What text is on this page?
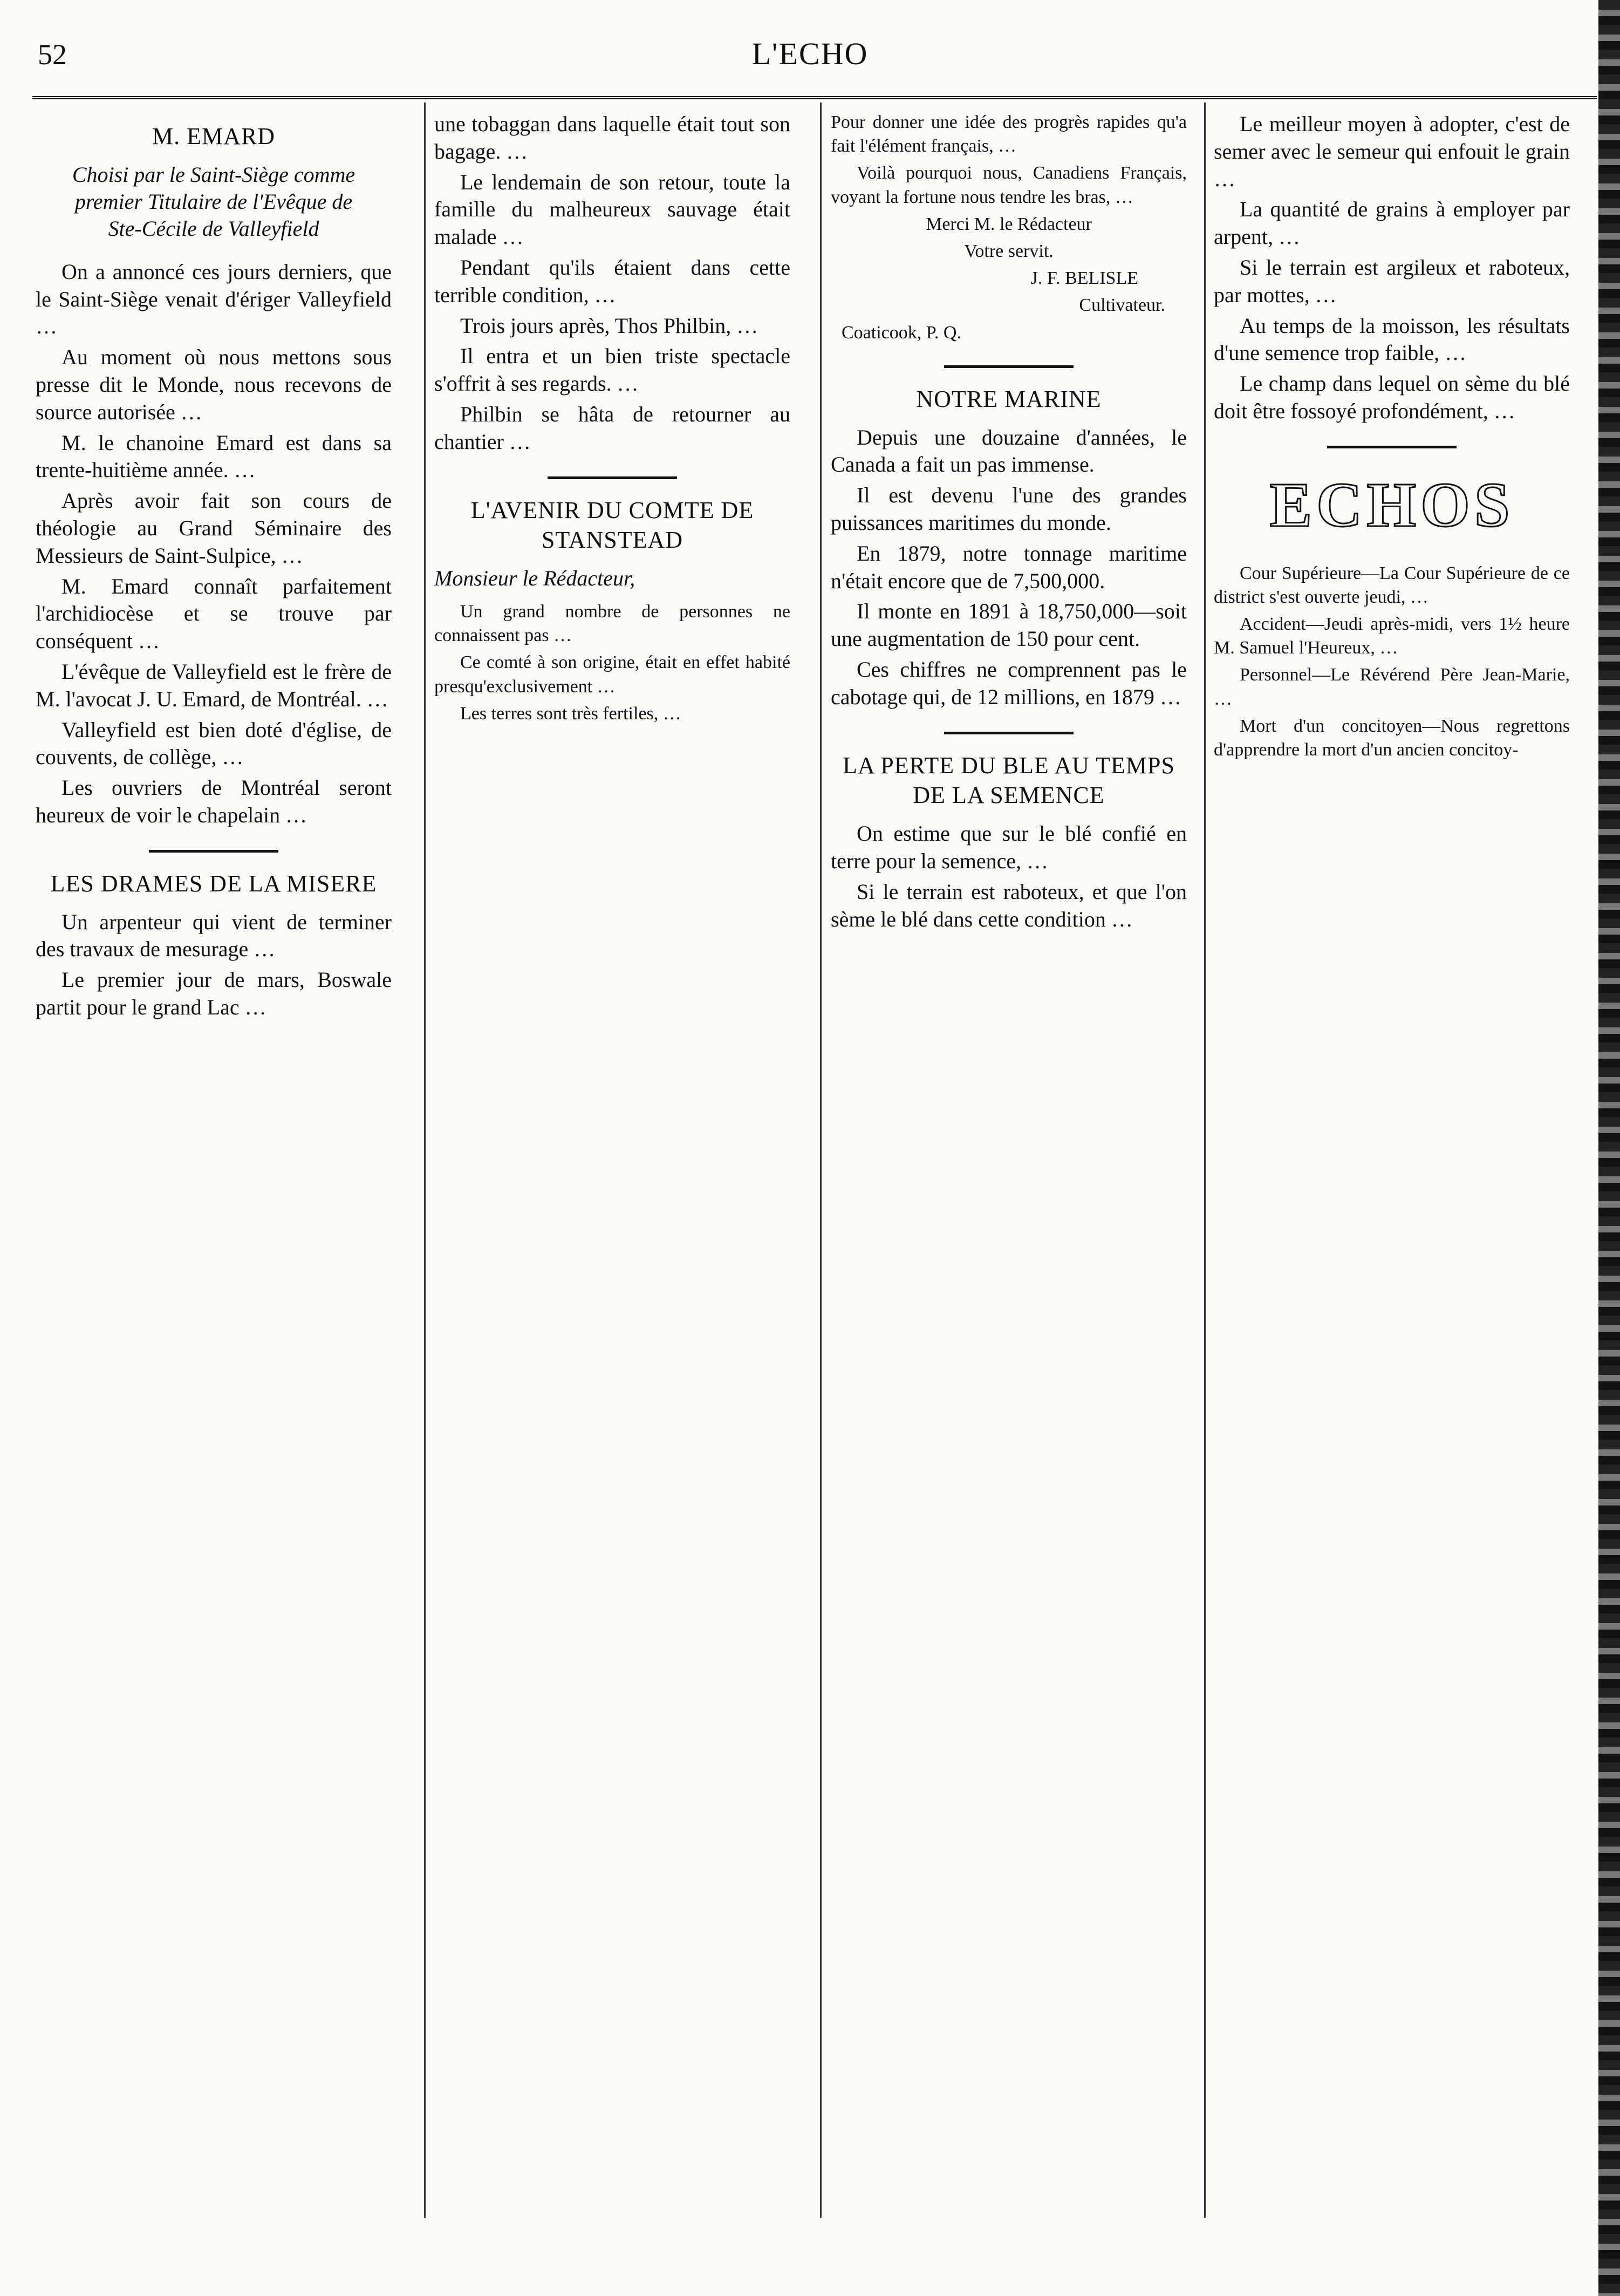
52	L'ECHO
M. EMARD
Choisi par le Saint-Siège comme premier Titulaire de l'Evêque de Ste-Cécile de Valleyfield

On a annoncé ces jours derniers, que le Saint-Siège venait d'ériger Valleyfield …

Au moment où nous mettons sous presse dit le Monde, nous recevons de source autorisée …

M. le chanoine Emard est dans sa trente-huitième année. …

Après avoir fait son cours de théologie au Grand Séminaire des Messieurs de Saint-Sulpice, …

M. Emard connaît parfaitement l'archidiocèse et se trouve par conséquent …

L'évêque de Valleyfield est le frère de M. l'avocat J. U. Emard, de Montréal. …

Valleyfield est bien doté d'église, de couvents, de collège, …

Les ouvriers de Montréal seront heureux de voir le chapelain …

LES DRAMES DE LA MISERE

Un arpenteur qui vient de terminer des travaux de mesurage …

Le premier jour de mars, Boswale partit pour le grand Lac …

une tobaggan dans laquelle était tout son bagage. …

Le lendemain de son retour, toute la famille du malheureux sauvage était malade …

Pendant qu'ils étaient dans cette terrible condition, …

Trois jours après, Thos Philbin, …

Il entra et un bien triste spectacle s'offrit à ses regards. …

Philbin se hâta de retourner au chantier …

L'AVENIR DU COMTE DE STANSTEAD

Monsieur le Rédacteur,

Un grand nombre de personnes ne connaissent pas …

Ce comté à son origine, était en effet habité presqu'exclusivement …

Les terres sont très fertiles, …

Pour donner une idée des progrès rapides qu'a fait l'élément français, …

Voilà pourquoi nous, Canadiens Français, voyant la fortune nous tendre les bras, …

Merci M. le Rédacteur

Votre servit.

J. F. BELISLE

Cultivateur.

Coaticook, P. Q.

NOTRE MARINE

Depuis une douzaine d'années, le Canada a fait un pas immense.

Il est devenu l'une des grandes puissances maritimes du monde.

En 1879, notre tonnage maritime n'était encore que de 7,500,000.

Il monte en 1891 à 18,750,000—soit une augmentation de 150 pour cent.

Ces chiffres ne comprennent pas le cabotage qui, de 12 millions, en 1879 …

LA PERTE DU BLE AU TEMPS DE LA SEMENCE

On estime que sur le blé confié en terre pour la semence, …

Si le terrain est raboteux, et que l'on sème le blé dans cette condition …

Le meilleur moyen à adopter, c'est de semer avec le semeur qui enfouit le grain …

La quantité de grains à employer par arpent, …

Si le terrain est argileux et raboteux, par mottes, …

Au temps de la moisson, les résultats d'une semence trop faible, …

Le champ dans lequel on sème du blé doit être fossoyé profondément, …

ECHOS

Cour Supérieure—La Cour Supérieure de ce district s'est ouverte jeudi, …

Accident—Jeudi après-midi, vers 1½ heure M. Samuel l'Heureux, …

Personnel—Le Révérend Père Jean-Marie, …

Mort d'un concitoyen—Nous regrettons d'apprendre la mort d'un ancien concitoy-
